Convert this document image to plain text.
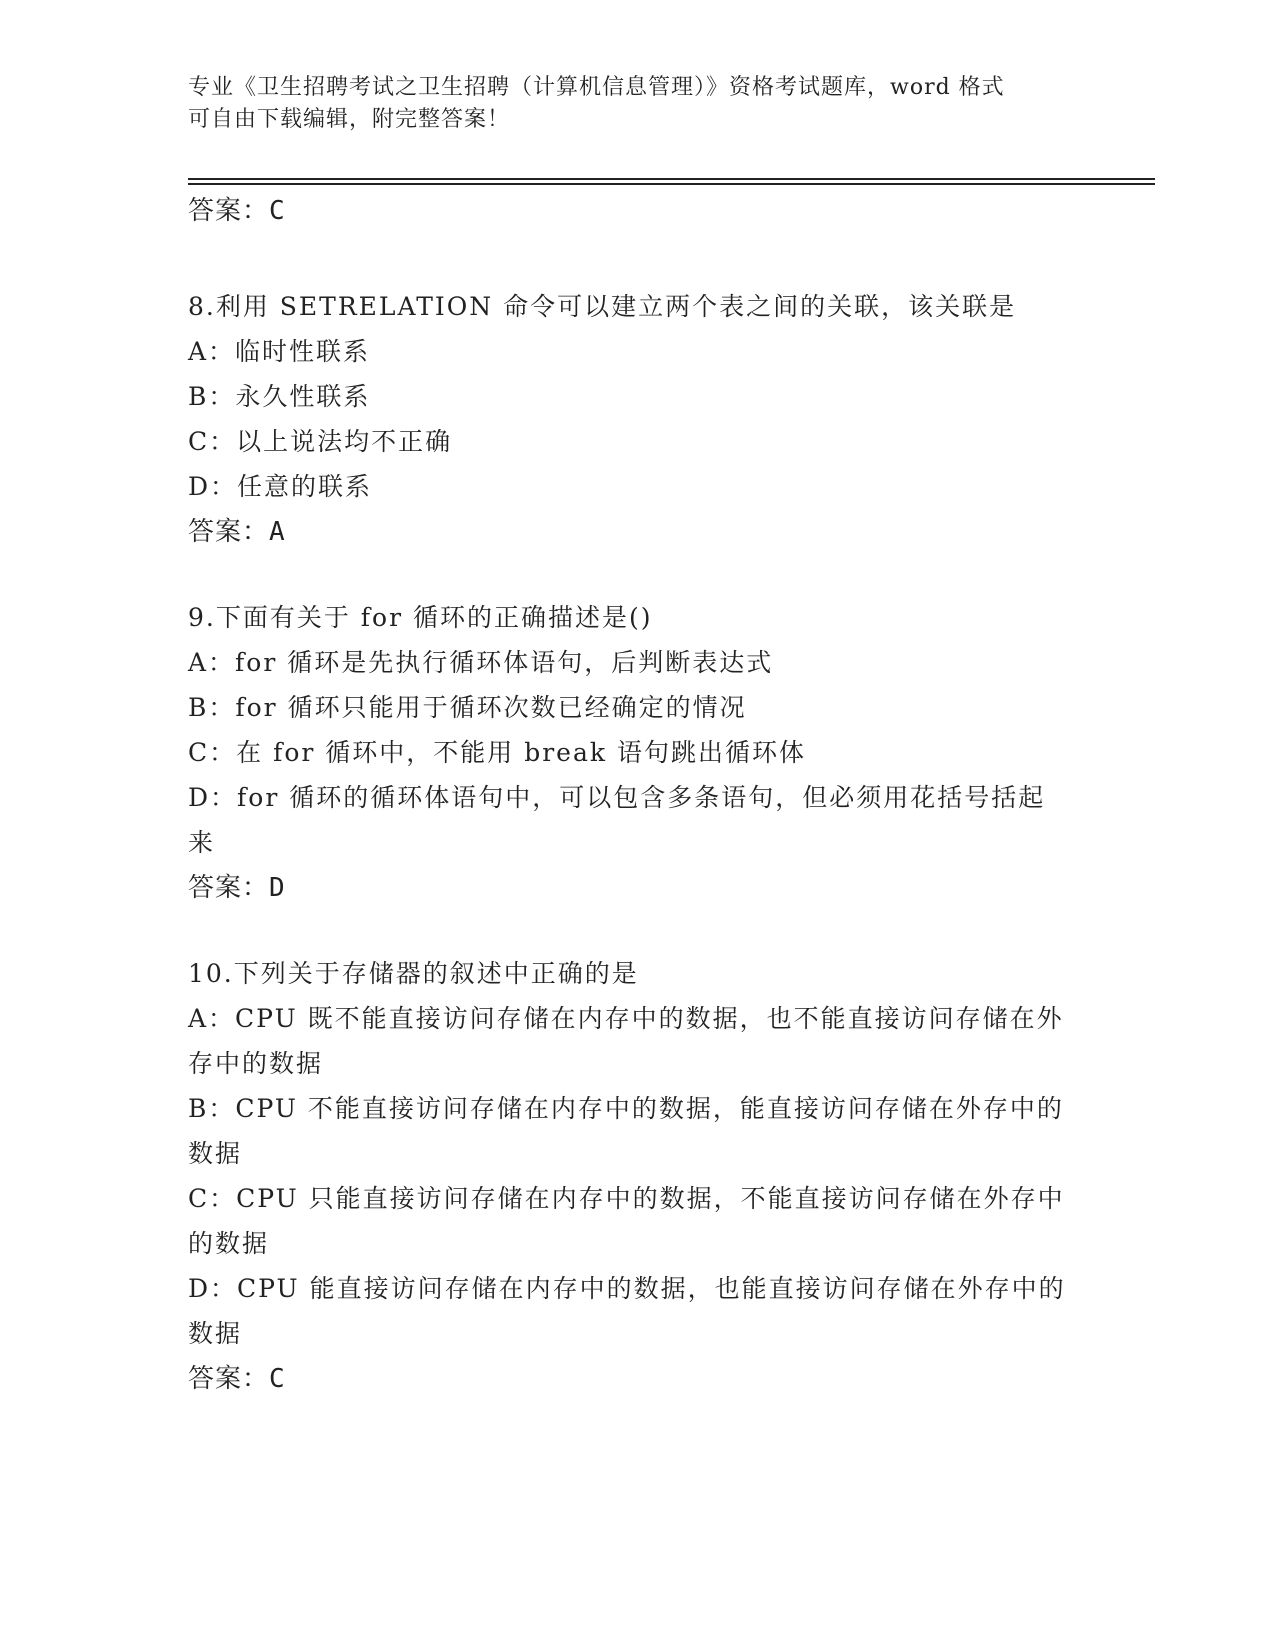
专业《卫生招聘考试之卫生招聘（计算机信息管理）》资格考试题库，word 格式
可自由下载编辑，附完整答案！
答案：C
8.利用 SETRELATION 命令可以建立两个表之间的关联，该关联是
A：临时性联系
B：永久性联系
C：以上说法均不正确
D：任意的联系
答案：A
9.下面有关于 for 循环的正确描述是()
A：for 循环是先执行循环体语句，后判断表达式
B：for 循环只能用于循环次数已经确定的情况
C：在 for 循环中，不能用 break 语句跳出循环体
D：for 循环的循环体语句中，可以包含多条语句，但必须用花括号括起来
答案：D
10.下列关于存储器的叙述中正确的是
A：CPU 既不能直接访问存储在内存中的数据，也不能直接访问存储在外存中的数据
B：CPU 不能直接访问存储在内存中的数据，能直接访问存储在外存中的数据
C：CPU 只能直接访问存储在内存中的数据，不能直接访问存储在外存中的数据
D：CPU 能直接访问存储在内存中的数据，也能直接访问存储在外存中的数据
答案：C
